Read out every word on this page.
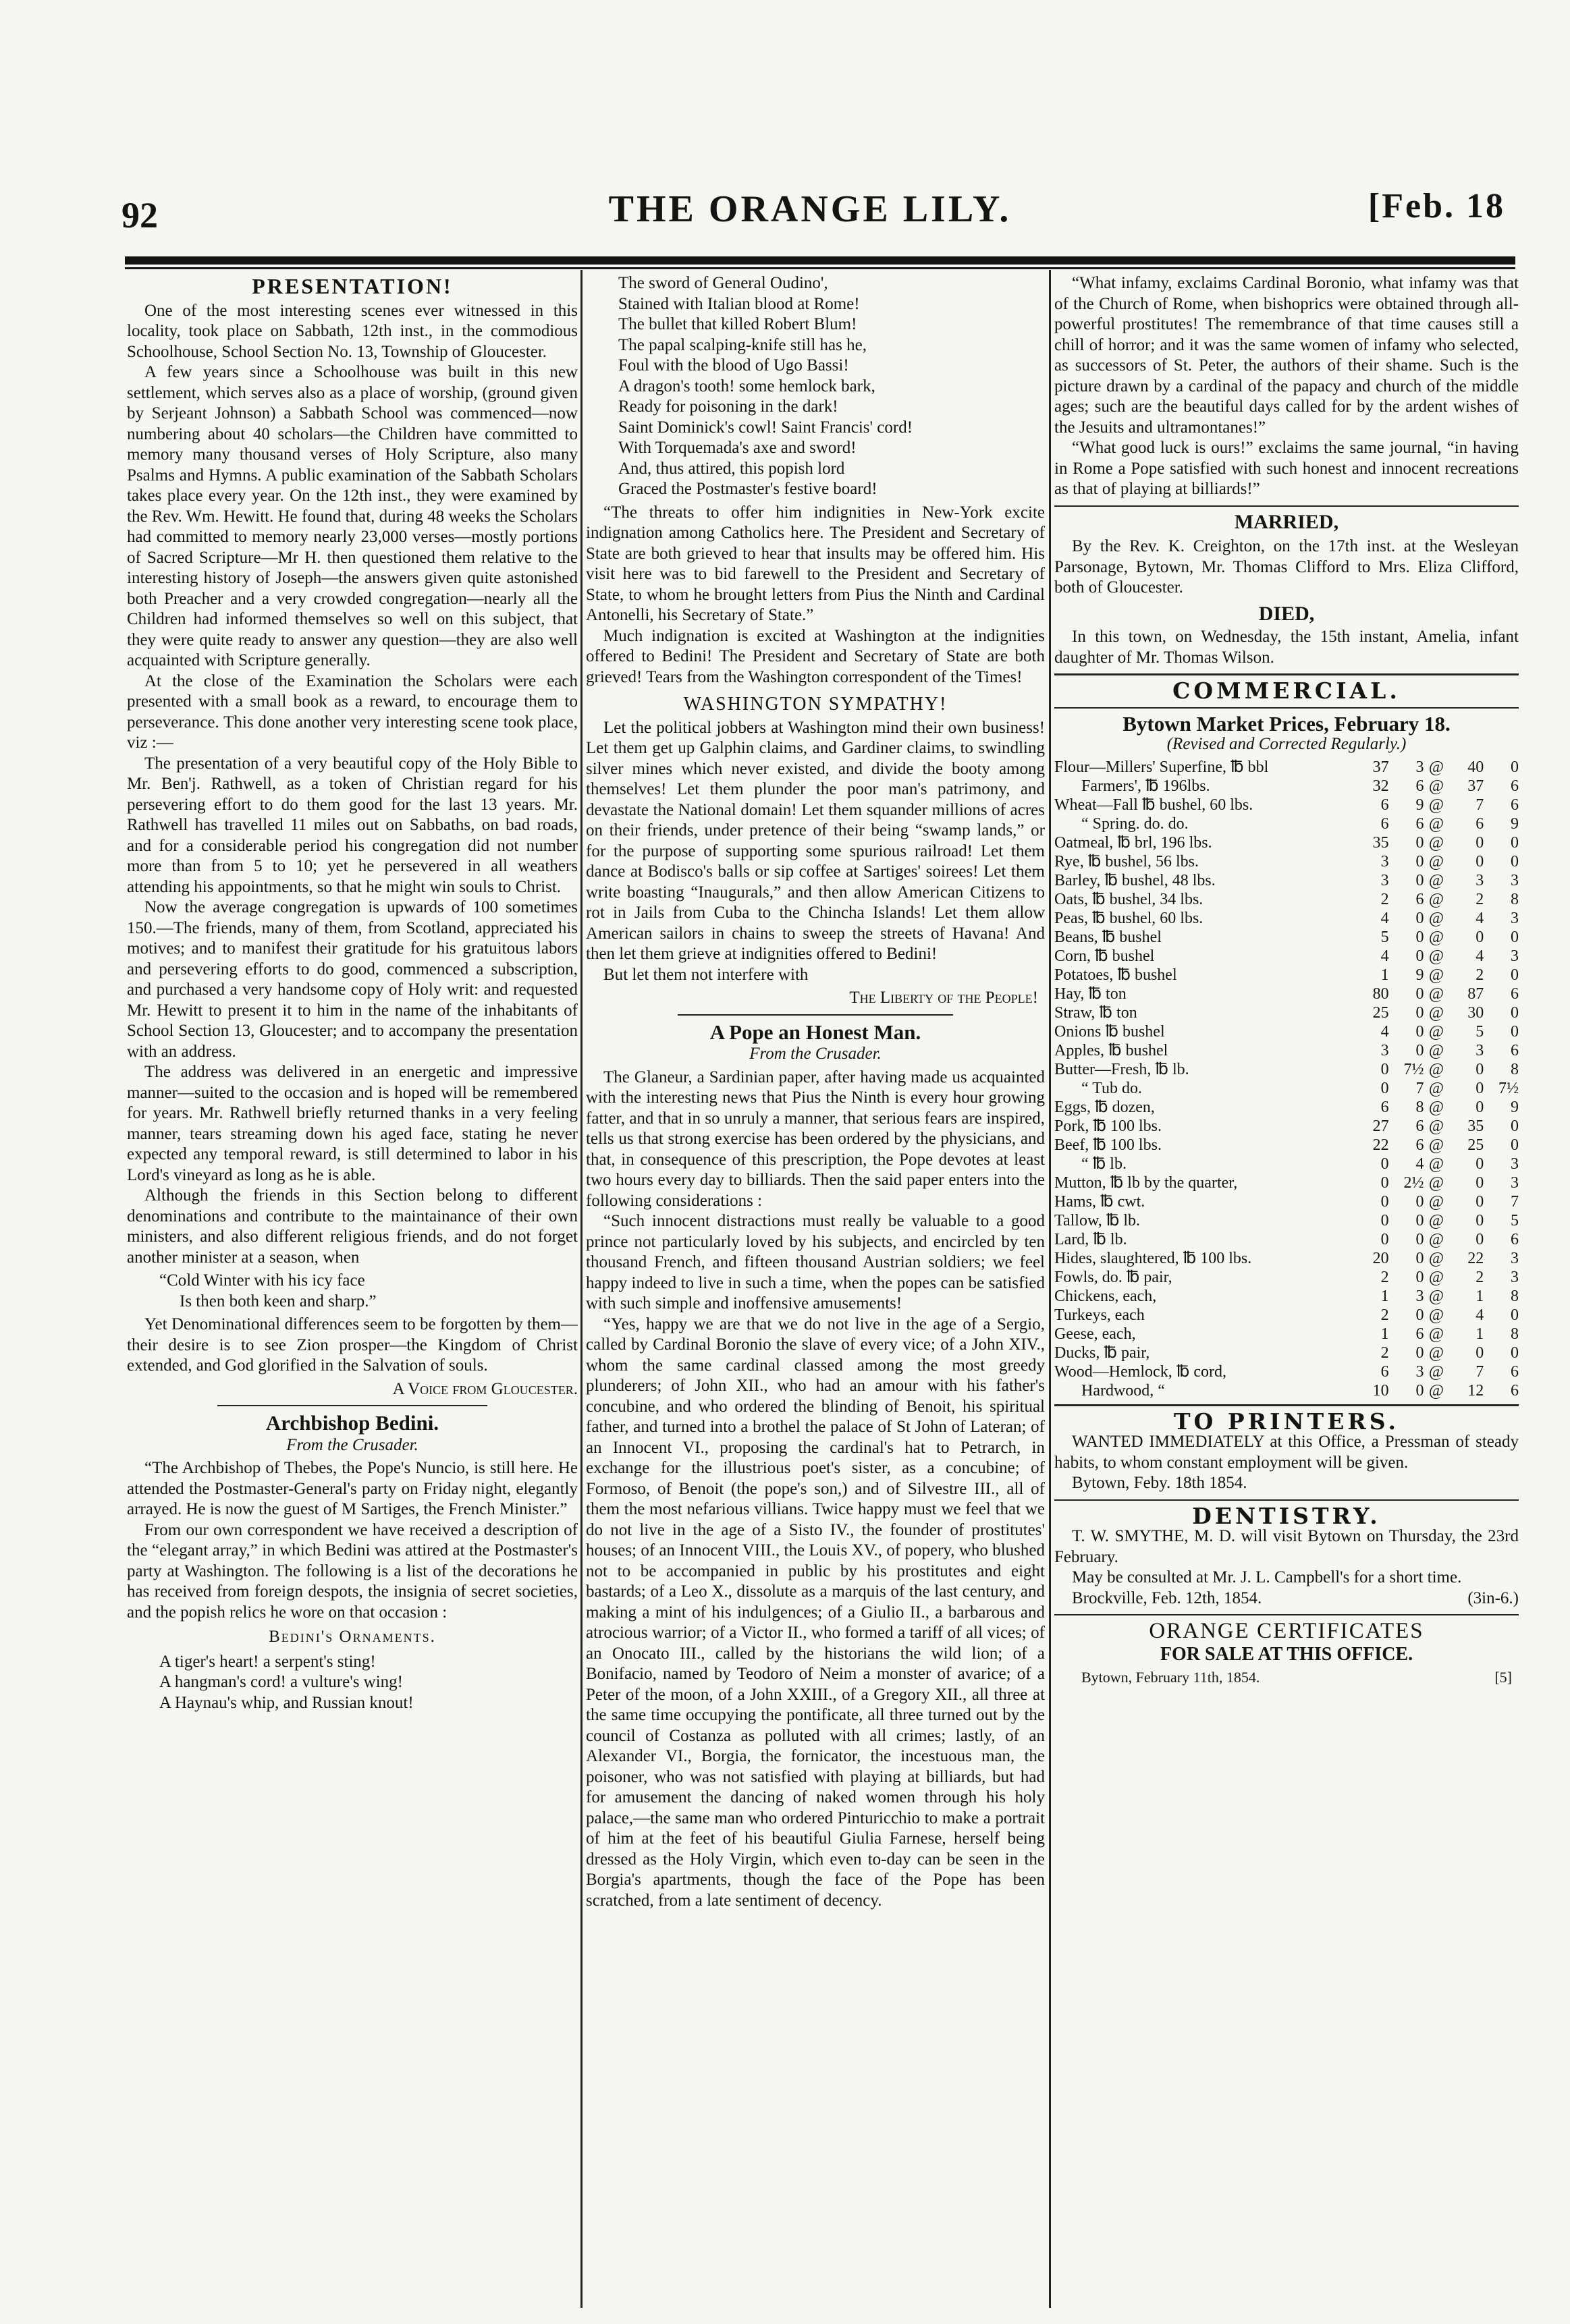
92	THE ORANGE LILY.	[Feb. 18
PRESENTATION!

One of the most interesting scenes ever witnessed in this locality, took place on Sabbath, 12th inst., in the commodious Schoolhouse, School Section No. 13, Township of Gloucester.

A few years since a Schoolhouse was built in this new settlement, which serves also as a place of worship, (ground given by Serjeant Johnson) a Sabbath School was commenced—now numbering about 40 scholars—the Children have committed to memory many thousand verses of Holy Scripture, also many Psalms and Hymns. A public examination of the Sabbath Scholars takes place every year. On the 12th inst., they were examined by the Rev. Wm. Hewitt. He found that, during 48 weeks the Scholars had committed to memory nearly 23,000 verses—mostly portions of Sacred Scripture—Mr H. then questioned them relative to the interesting history of Joseph—the answers given quite astonished both Preacher and a very crowded congregation—nearly all the Children had informed themselves so well on this subject, that they were quite ready to answer any question—they are also well acquainted with Scripture generally.

At the close of the Examination the Scholars were each presented with a small book as a reward, to encourage them to perseverance. This done another very interesting scene took place, viz :—

The presentation of a very beautiful copy of the Holy Bible to Mr. Ben'j. Rathwell, as a token of Christian regard for his persevering effort to do them good for the last 13 years. Mr. Rathwell has travelled 11 miles out on Sabbaths, on bad roads, and for a considerable period his congregation did not number more than from 5 to 10; yet he persevered in all weathers attending his appointments, so that he might win souls to Christ.

Now the average congregation is upwards of 100 sometimes 150.—The friends, many of them, from Scotland, appreciated his motives; and to manifest their gratitude for his gratuitous labors and persevering efforts to do good, commenced a subscription, and purchased a very handsome copy of Holy writ: and requested Mr. Hewitt to present it to him in the name of the inhabitants of School Section 13, Gloucester; and to accompany the presentation with an address.

The address was delivered in an energetic and impressive manner—suited to the occasion and is hoped will be remembered for years. Mr. Rathwell briefly returned thanks in a very feeling manner, tears streaming down his aged face, stating he never expected any temporal reward, is still determined to labor in his Lord's vineyard as long as he is able.

Although the friends in this Section belong to different denominations and contribute to the maintainance of their own ministers, and also different religious friends, and do not forget another minister at a season, when

“Cold Winter with his icy face
Is then both keen and sharp.”

Yet Denominational differences seem to be forgotten by them—their desire is to see Zion prosper—the Kingdom of Christ extended, and God glorified in the Salvation of souls.

A Voice from Gloucester.
Archbishop Bedini.
From the Crusader.

“The Archbishop of Thebes, the Pope's Nuncio, is still here. He attended the Postmaster-General's party on Friday night, elegantly arrayed. He is now the guest of M Sartiges, the French Minister.”

From our own correspondent we have received a description of the “elegant array,” in which Bedini was attired at the Postmaster's party at Washington. The following is a list of the decorations he has received from foreign despots, the insignia of secret societies, and the popish relics he wore on that occasion :

Bedini's Ornaments.
A tiger's heart! a serpent's sting!
A hangman's cord! a vulture's wing!
A Haynau's whip, and Russian knout!
The sword of General Oudino',
Stained with Italian blood at Rome!
The bullet that killed Robert Blum!
The papal scalping-knife still has he,
Foul with the blood of Ugo Bassi!
A dragon's tooth! some hemlock bark,
Ready for poisoning in the dark!
Saint Dominick's cowl! Saint Francis' cord!
With Torquemada's axe and sword!
And, thus attired, this popish lord
Graced the Postmaster's festive board!

“The threats to offer him indignities in New-York excite indignation among Catholics here. The President and Secretary of State are both grieved to hear that insults may be offered him. His visit here was to bid farewell to the President and Secretary of State, to whom he brought letters from Pius the Ninth and Cardinal Antonelli, his Secretary of State.”

Much indignation is excited at Washington at the indignities offered to Bedini! The President and Secretary of State are both grieved! Tears from the Washington correspondent of the Times!

WASHINGTON SYMPATHY!

Let the political jobbers at Washington mind their own business! Let them get up Galphin claims, and Gardiner claims, to swindling silver mines which never existed, and divide the booty among themselves! Let them plunder the poor man's patrimony, and devastate the National domain! Let them squander millions of acres on their friends, under pretence of their being “swamp lands,” or for the purpose of supporting some spurious railroad! Let them dance at Bodisco's balls or sip coffee at Sartiges' soirees! Let them write boasting “Inaugurals,” and then allow American Citizens to rot in Jails from Cuba to the Chincha Islands! Let them allow American sailors in chains to sweep the streets of Havana! And then let them grieve at indignities offered to Bedini!

But let them not interfere with

The Liberty of the People!
A Pope an Honest Man.
From the Crusader.

The Glaneur, a Sardinian paper, after having made us acquainted with the interesting news that Pius the Ninth is every hour growing fatter, and that in so unruly a manner, that serious fears are inspired, tells us that strong exercise has been ordered by the physicians, and that, in consequence of this prescription, the Pope devotes at least two hours every day to billiards. Then the said paper enters into the following considerations :

“Such innocent distractions must really be valuable to a good prince not particularly loved by his subjects, and encircled by ten thousand French, and fifteen thousand Austrian soldiers; we feel happy indeed to live in such a time, when the popes can be satisfied with such simple and inoffensive amusements!

“Yes, happy we are that we do not live in the age of a Sergio, called by Cardinal Boronio the slave of every vice; of a John XIV., whom the same cardinal classed among the most greedy plunderers; of John XII., who had an amour with his father's concubine, and who ordered the blinding of Benoit, his spiritual father, and turned into a brothel the palace of St John of Lateran; of an Innocent VI., proposing the cardinal's hat to Petrarch, in exchange for the illustrious poet's sister, as a concubine; of Formoso, of Benoit (the pope's son,) and of Silvestre III., all of them the most nefarious villians. Twice happy must we feel that we do not live in the age of a Sisto IV., the founder of prostitutes' houses; of an Innocent VIII., the Louis XV., of popery, who blushed not to be accompanied in public by his prostitutes and eight bastards; of a Leo X., dissolute as a marquis of the last century, and making a mint of his indulgences; of a Giulio II., a barbarous and atrocious warrior; of a Victor II., who formed a tariff of all vices; of an Onocato III., called by the historians the wild lion; of a Bonifacio, named by Teodoro of Neim a monster of avarice; of a Peter of the moon, of a John XXIII., of a Gregory XII., all three at the same time occupying the pontificate, all three turned out by the council of Costanza as polluted with all crimes; lastly, of an Alexander VI., Borgia, the fornicator, the incestuous man, the poisoner, who was not satisfied with playing at billiards, but had for amusement the dancing of naked women through his holy palace,—the same man who ordered Pinturicchio to make a portrait of him at the feet of his beautiful Giulia Farnese, herself being dressed as the Holy Virgin, which even to-day can be seen in the Borgia's apartments, though the face of the Pope has been scratched, from a late sentiment of decency.

“What infamy, exclaims Cardinal Boronio, what infamy was that of the Church of Rome, when bishoprics were obtained through all-powerful prostitutes! The remembrance of that time causes still a chill of horror; and it was the same women of infamy who selected, as successors of St. Peter, the authors of their shame. Such is the picture drawn by a cardinal of the papacy and church of the middle ages; such are the beautiful days called for by the ardent wishes of the Jesuits and ultramontanes!”

“What good luck is ours!” exclaims the same journal, “in having in Rome a Pope satisfied with such honest and innocent recreations as that of playing at billiards!”

MARRIED,

By the Rev. K. Creighton, on the 17th inst. at the Wesleyan Parsonage, Bytown, Mr. Thomas Clifford to Mrs. Eliza Clifford, both of Gloucester.

DIED,

In this town, on Wednesday, the 15th instant, Amelia, infant daughter of Mr. Thomas Wilson.

COMMERCIAL.
Bytown Market Prices, February 18.
(Revised and Corrected Regularly.)
Flour—Millers' Superfine, ℔ bbl	37	3	@	40	0
Farmers', ℔ 196lbs.	32	6	@	37	6
Wheat—Fall ℔ bushel, 60 lbs.	6	9	@	7	6
“ Spring. do. do.	6	6	@	6	9
Oatmeal, ℔ brl, 196 lbs.	35	0	@	0	0
Rye, ℔ bushel, 56 lbs.	3	0	@	0	0
Barley, ℔ bushel, 48 lbs.	3	0	@	3	3
Oats, ℔ bushel, 34 lbs.	2	6	@	2	8
Peas, ℔ bushel, 60 lbs.	4	0	@	4	3
Beans, ℔ bushel	5	0	@	0	0
Corn, ℔ bushel	4	0	@	4	3
Potatoes, ℔ bushel	1	9	@	2	0
Hay, ℔ ton	80	0	@	87	6
Straw, ℔ ton	25	0	@	30	0
Onions ℔ bushel	4	0	@	5	0
Apples, ℔ bushel	3	0	@	3	6
Butter—Fresh, ℔ lb.	0	7½	@	0	8
“ Tub do.	0	7	@	0	7½
Eggs, ℔ dozen,	6	8	@	0	9
Pork, ℔ 100 lbs.	27	6	@	35	0
Beef, ℔ 100 lbs.	22	6	@	25	0
“ ℔ lb.	0	4	@	0	3
Mutton, ℔ lb by the quarter,	0	2½	@	0	3
Hams, ℔ cwt.	0	0	@	0	7
Tallow, ℔ lb.	0	0	@	0	5
Lard, ℔ lb.	0	0	@	0	6
Hides, slaughtered, ℔ 100 lbs.	20	0	@	22	3
Fowls, do. ℔ pair,	2	0	@	2	3
Chickens, each,	1	3	@	1	8
Turkeys, each	2	0	@	4	0
Geese, each,	1	6	@	1	8
Ducks, ℔ pair,	2	0	@	0	0
Wood—Hemlock, ℔ cord,	6	3	@	7	6
Hardwood, “	10	0	@	12	6
TO PRINTERS.

WANTED IMMEDIATELY at this Office, a Pressman of steady habits, to whom constant employment will be given.

Bytown, Feby. 18th 1854.

DENTISTRY.

T. W. SMYTHE, M. D. will visit Bytown on Thursday, the 23rd February.

May be consulted at Mr. J. L. Campbell's for a short time.

Brockville, Feb. 12th, 1854.	(3in-6.)
ORANGE CERTIFICATES
FOR SALE AT THIS OFFICE.
Bytown, February 11th, 1854.	[5]
